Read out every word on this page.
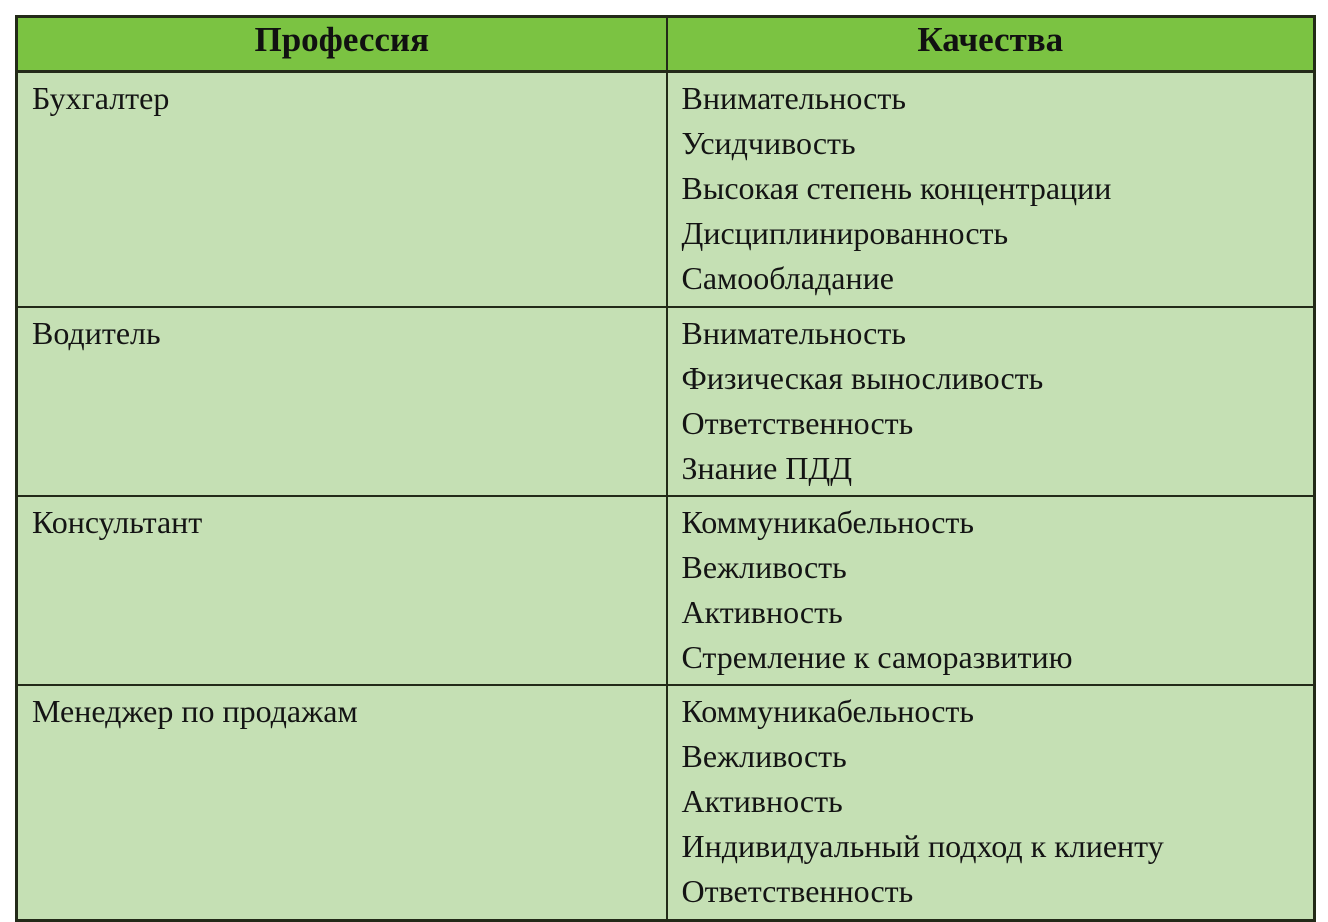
Профессия	Качества

Бухгалтер	Внимательность
Усидчивость
Высокая степень концентрации
Дисциплинированность
Самообладание

Водитель	Внимательность
Физическая выносливость
Ответственность
Знание ПДД

Консультант	Коммуникабельность
Вежливость
Активность
Стремление к саморазвитию

Менеджер по продажам	Коммуникабельность
Вежливость
Активность
Индивидуальный подход к клиенту
Ответственность
